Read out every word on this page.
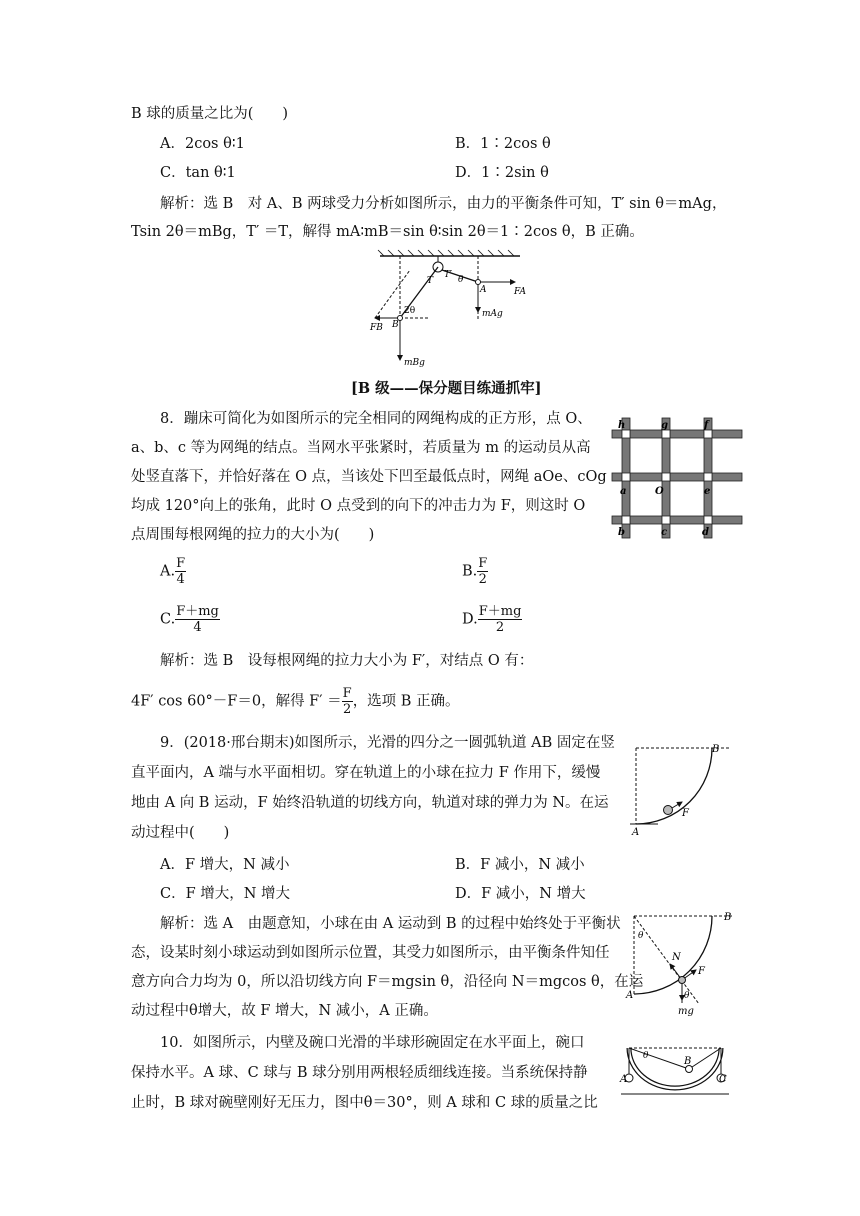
B 球的质量之比为(　　)
A．2cos θ∶1	B．1∶2cos θ
C．tan θ∶1	D．1∶2sin θ
解析：选 B　对 A、B 两球受力分析如图所示，由力的平衡条件可知，T′ sin θ＝mAg，
Tsin 2θ＝mBg，T′ ＝T，解得 mA∶mB＝sin θ∶sin 2θ＝1∶2cos θ，B 正确。
T
T′ θ
2θ
A
B
FA
FB
mAg
mBg
[B 级——保分题目练通抓牢]
8．蹦床可简化为如图所示的完全相同的网绳构成的正方形，点 O、
a、b、c 等为网绳的结点。当网水平张紧时，若质量为 m 的运动员从高
处竖直落下，并恰好落在 O 点，当该处下凹至最低点时，网绳 aOe、cOg
均成 120°向上的张角，此时 O 点受到的向下的冲击力为 F，则这时 O
点周围每根网绳的拉力的大小为(　　)
h	g	f
a	O	e
b	c	d
A. $\frac{F}{4}$	B. $\frac{F}{2}$
C. $\frac{F+mg}{4}$	D. $\frac{F+mg}{2}$
解析：选 B　设每根网绳的拉力大小为 F′，对结点 O 有：
4F′ cos 60°－F＝0，解得 $F' = \frac{F}{2}$ ，选项 B 正确。
9．(2018·邢台期末)如图所示，光滑的四分之一圆弧轨道 AB 固定在竖
直平面内，A 端与水平面相切。穿在轨道上的小球在拉力 F 作用下，缓慢
地由 A 向 B 运动，F 始终沿轨道的切线方向，轨道对球的弹力为 N。在运
动过程中(　　)	A
B
F
A．F 增大，N 减小	B．F 减小，N 减小
C．F 增大，N 增大	D．F 减小，N 增大
解析：选 A　由题意知，小球在由 A 运动到 B 的过程中始终处于平衡状
态，设某时刻小球运动到如图所示位置，其受力如图所示，由平衡条件知任
意方向合力均为 0，所以沿切线方向 F＝mgsin θ，沿径向 N＝mgcos θ，在运
动过程中θ增大，故 F 增大，N 减小，A 正确。
A
B
N
F
θ
θ
mg
10．如图所示，内壁及碗口光滑的半球形碗固定在水平面上，碗口
保持水平。A 球、C 球与 B 球分别用两根轻质细线连接。当系统保持静
止时，B 球对碗壁刚好无压力，图中θ＝30°，则 A 球和 C 球的质量之比
θ
A
B
C
